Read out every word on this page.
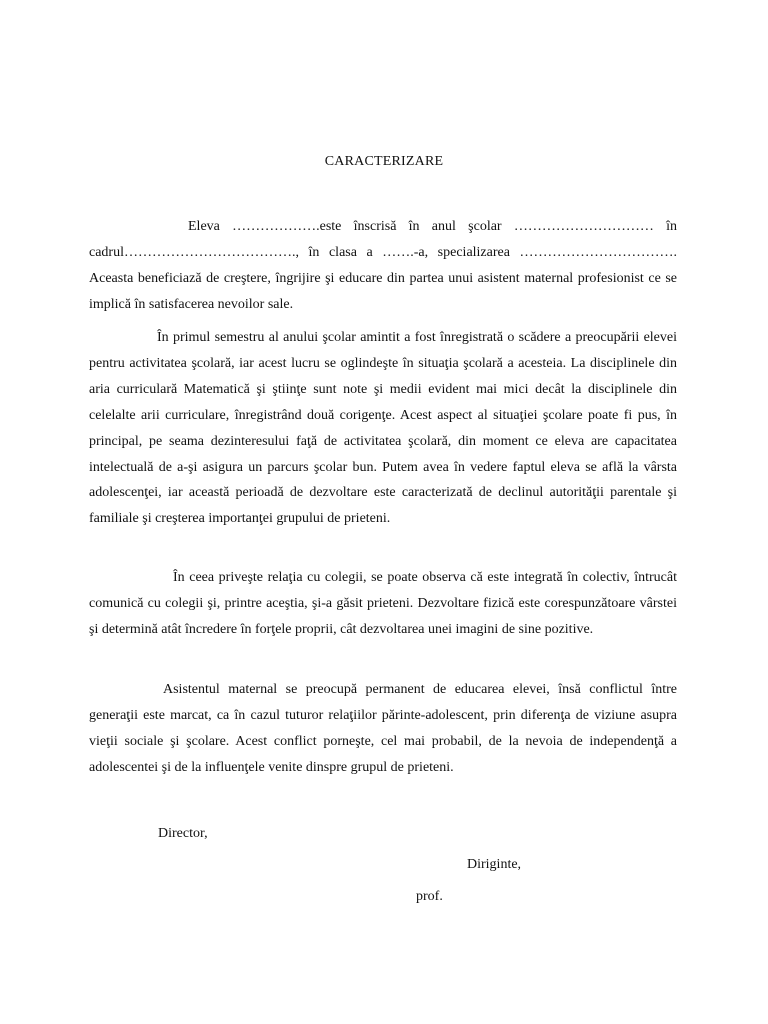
CARACTERIZARE

Eleva ……………….este înscrisă în anul şcolar ………………………… în cadrul………………………………., în clasa a …….-a, specializarea ……………………………. Aceasta beneficiază de creştere, îngrijire şi educare din partea unui asistent maternal profesionist ce se implică în satisfacerea nevoilor sale.

În primul semestru al anului şcolar amintit a fost înregistrată o scădere a preocupării elevei pentru activitatea şcolară, iar acest lucru se oglindeşte în situaţia şcolară a acesteia. La disciplinele din aria curriculară Matematică şi ştiinţe sunt note şi medii evident mai mici decât la disciplinele din celelalte arii curriculare, înregistrând două corigenţe. Acest aspect al situaţiei şcolare poate fi pus, în principal, pe seama dezinteresului faţă de activitatea şcolară, din moment ce eleva are capacitatea intelectuală de a-şi asigura un parcurs şcolar bun. Putem avea în vedere faptul eleva se află la vârsta adolescenţei, iar această perioadă de dezvoltare este caracterizată de declinul autorităţii parentale şi familiale şi creşterea importanţei grupului de prieteni.

În ceea priveşte relaţia cu colegii, se poate observa că este integrată în colectiv, întrucât comunică cu colegii şi, printre aceştia, şi-a găsit prieteni. Dezvoltare fizică este corespunzătoare vârstei şi determină atât încredere în forţele proprii, cât dezvoltarea unei imagini de sine pozitive.

Asistentul maternal se preocupă permanent de educarea elevei, însă conflictul între generaţii este marcat, ca în cazul tuturor relaţiilor părinte-adolescent, prin diferenţa de viziune asupra vieţii sociale şi şcolare. Acest conflict porneşte, cel mai probabil, de la nevoia de independenţă a adolescentei şi de la influenţele venite dinspre grupul de prieteni.

Director,
Diriginte,
prof.
